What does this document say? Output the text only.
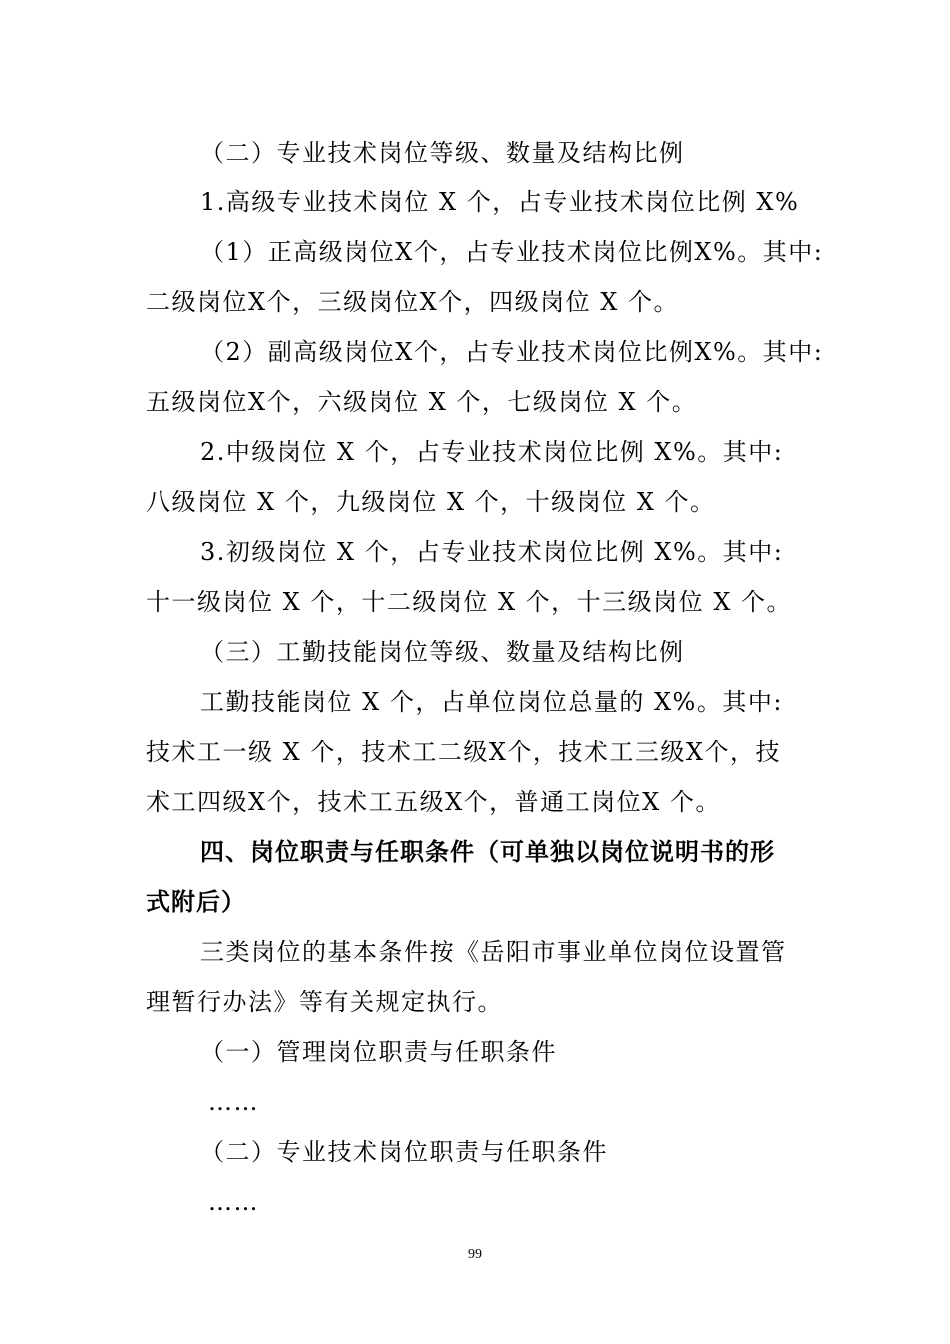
（二）专业技术岗位等级、数量及结构比例
1.高级专业技术岗位 X 个，占专业技术岗位比例 X%
（1）正高级岗位X个，占专业技术岗位比例X%。其中:
二级岗位X个，三级岗位X个，四级岗位 X 个。
（2）副高级岗位X个，占专业技术岗位比例X%。其中:
五级岗位X个，六级岗位 X 个，七级岗位 X 个。
2.中级岗位 X 个，占专业技术岗位比例 X%。其中:
八级岗位 X 个，九级岗位 X 个，十级岗位 X 个。
3.初级岗位 X 个，占专业技术岗位比例 X%。其中:
十一级岗位 X 个，十二级岗位 X 个，十三级岗位 X 个。
（三）工勤技能岗位等级、数量及结构比例
工勤技能岗位 X 个，占单位岗位总量的 X%。其中:
技术工一级 X 个，技术工二级X个，技术工三级X个，技
术工四级X个，技术工五级X个，普通工岗位X 个。
四、岗位职责与任职条件（可单独以岗位说明书的形
式附后）
三类岗位的基本条件按《岳阳市事业单位岗位设置管
理暂行办法》等有关规定执行。
（一）管理岗位职责与任职条件
……
（二）专业技术岗位职责与任职条件
……
99
